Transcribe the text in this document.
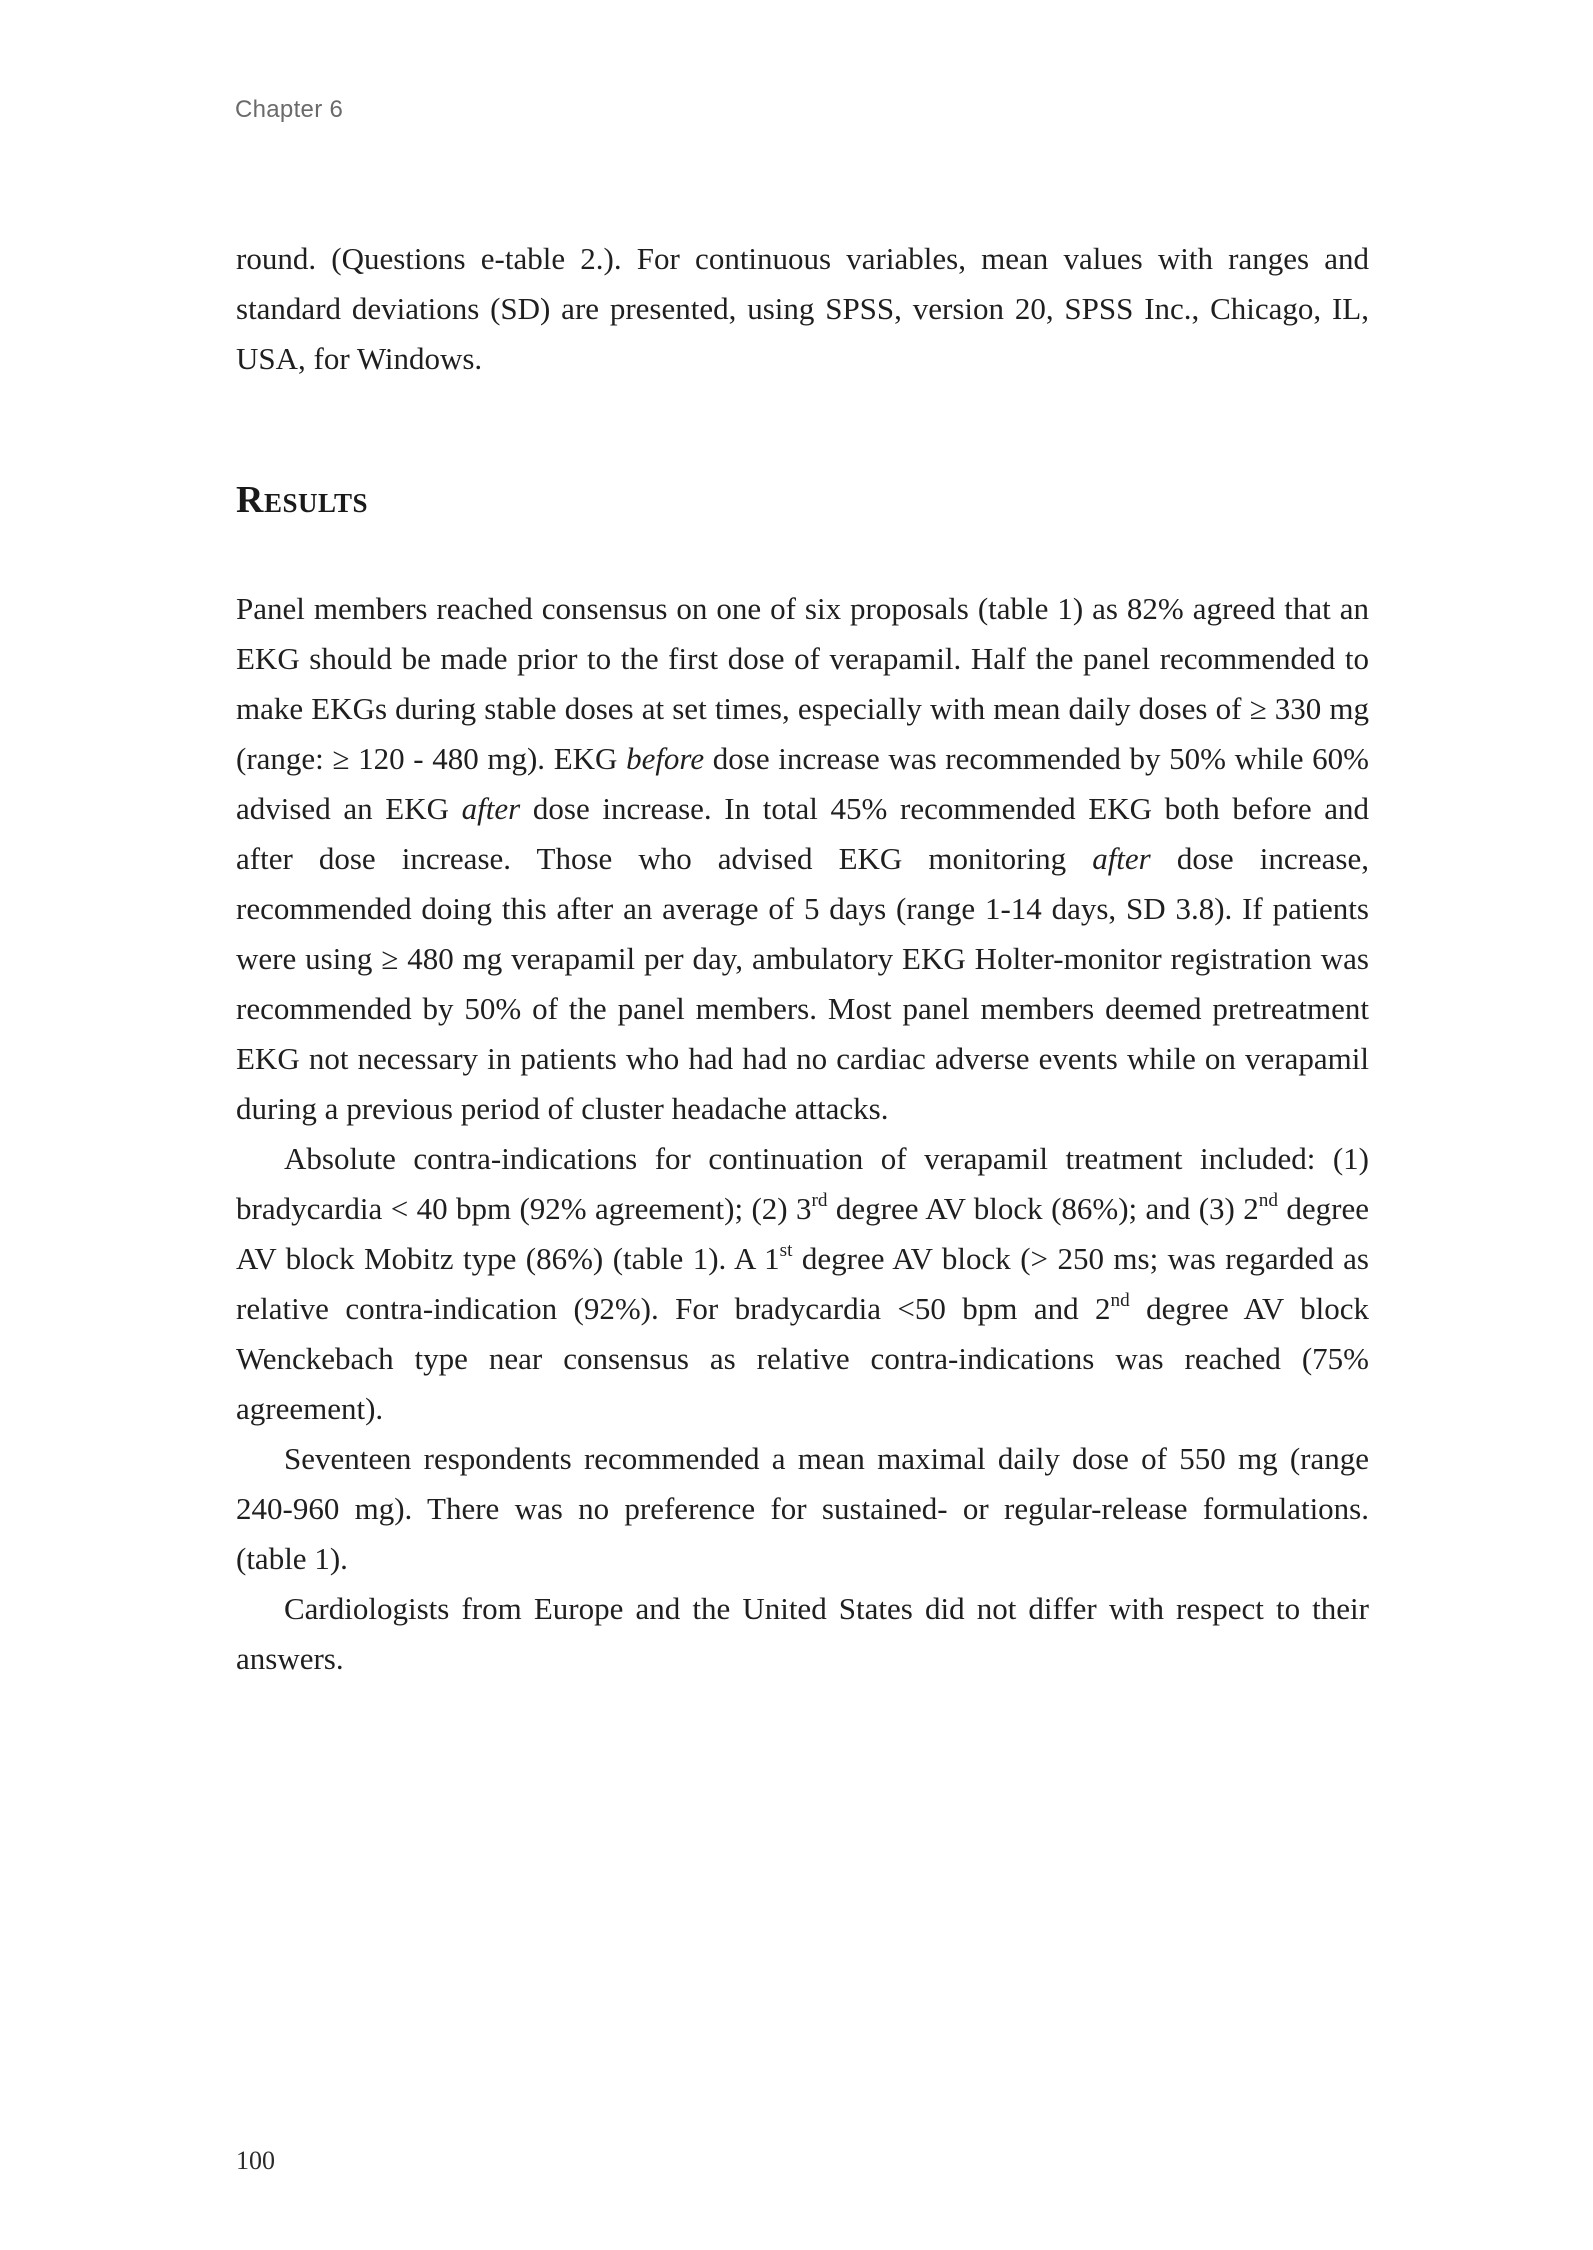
Chapter 6

round. (Questions e-table 2.). For continuous variables, mean values with ranges and standard deviations (SD) are presented, using SPSS, version 20, SPSS Inc., Chicago, IL, USA, for Windows.

Results

Panel members reached consensus on one of six proposals (table 1) as 82% agreed that an EKG should be made prior to the first dose of verapamil. Half the panel recommended to make EKGs during stable doses at set times, especially with mean daily doses of ≥ 330 mg (range: ≥ 120 - 480 mg). EKG before dose increase was recommended by 50% while 60% advised an EKG after dose increase. In total 45% recommended EKG both before and after dose increase. Those who advised EKG monitoring after dose increase, recommended doing this after an average of 5 days (range 1-14 days, SD 3.8). If patients were using ≥ 480 mg verapamil per day, ambulatory EKG Holter-monitor registration was recommended by 50% of the panel members. Most panel members deemed pretreatment EKG not necessary in patients who had had no cardiac adverse events while on verapamil during a previous period of cluster headache attacks.

Absolute contra-indications for continuation of verapamil treatment included: (1) bradycardia < 40 bpm (92% agreement); (2) 3rd degree AV block (86%); and (3) 2nd degree AV block Mobitz type (86%) (table 1). A 1st degree AV block (> 250 ms; was regarded as relative contra-indication (92%). For bradycardia <50 bpm and 2nd degree AV block Wenckebach type near consensus as relative contra-indications was reached (75% agreement).

Seventeen respondents recommended a mean maximal daily dose of 550 mg (range 240-960 mg). There was no preference for sustained- or regular-release formulations. (table 1).

Cardiologists from Europe and the United States did not differ with respect to their answers.

100
